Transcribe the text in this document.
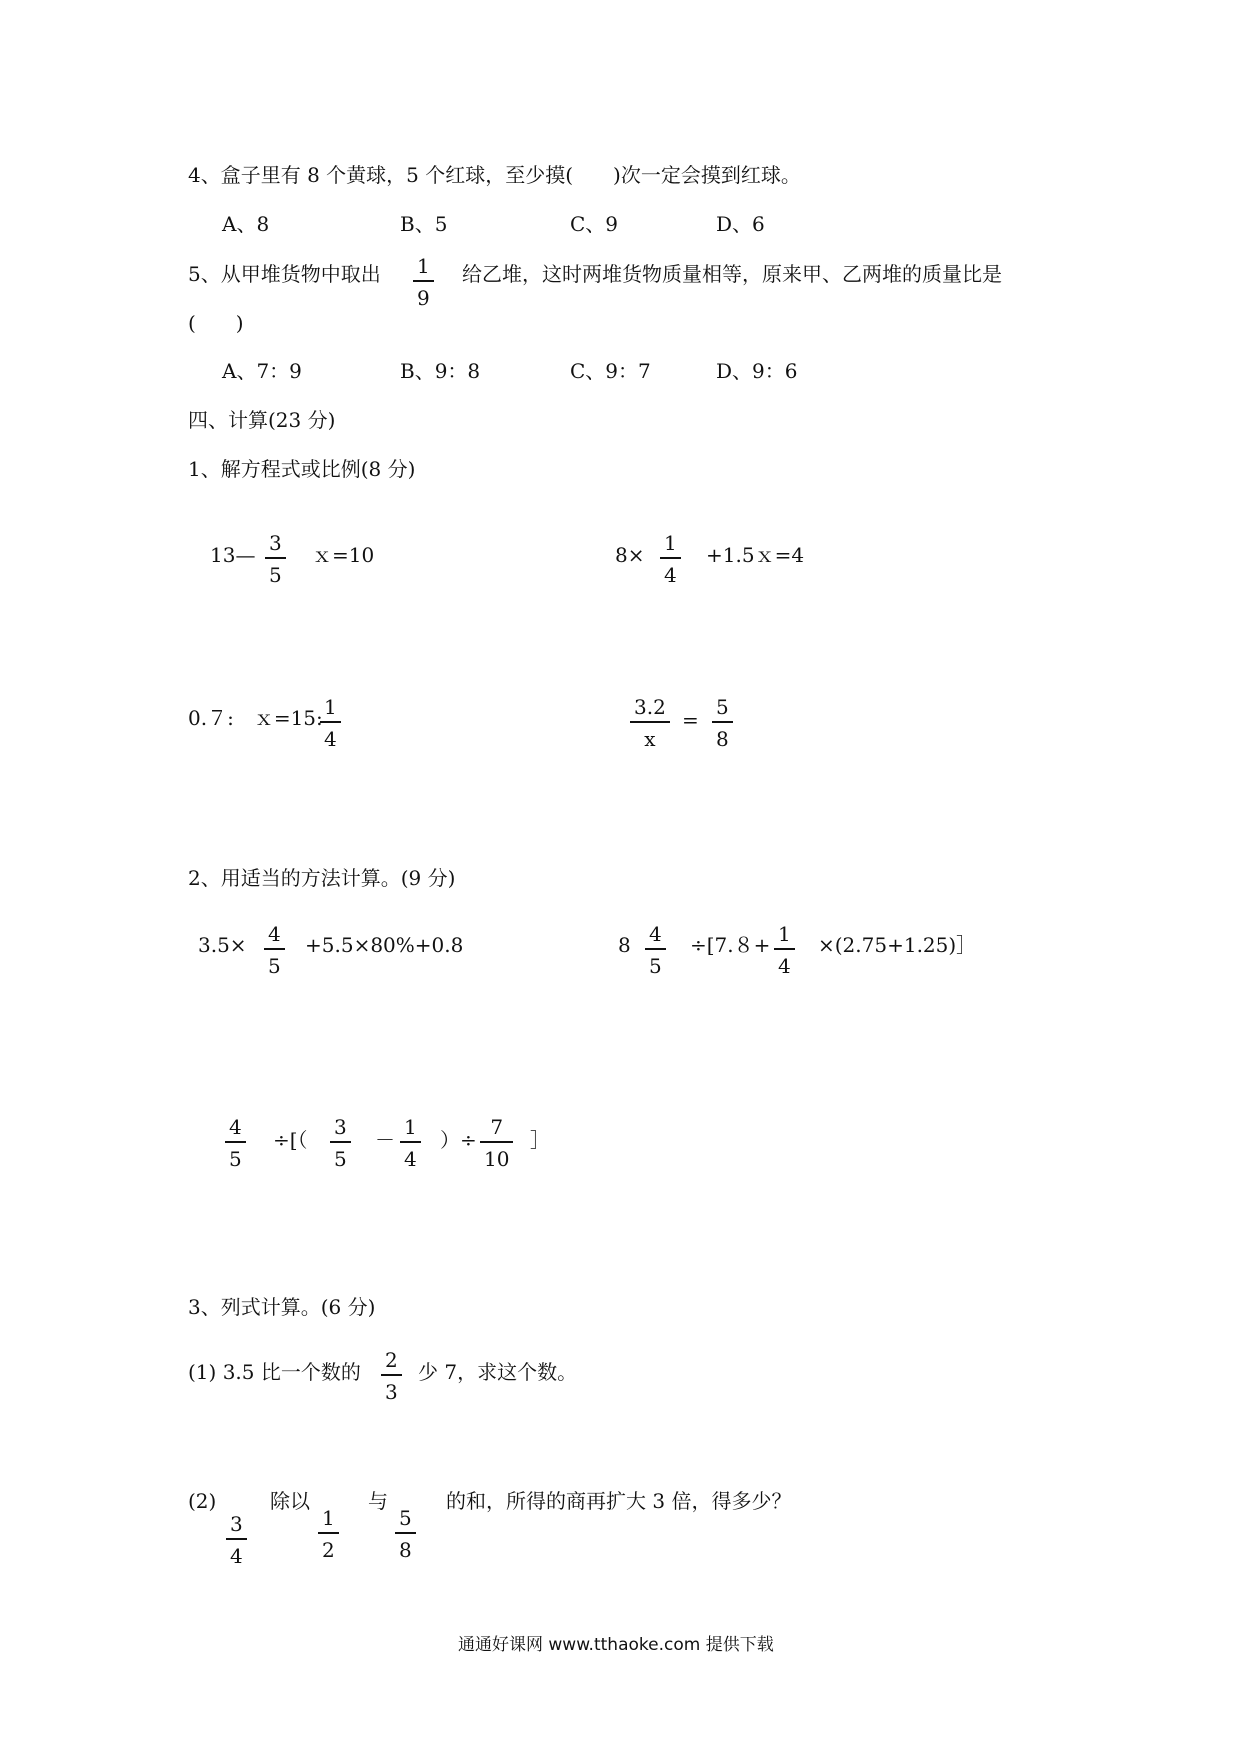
4、盒子里有 8 个黄球，5 个红球，至少摸(　　)次一定会摸到红球。
A、8	B、5	C、9	D、6
5、从甲堆货物中取出 1
9
给乙堆，这时两堆货物质量相等，原来甲、乙两堆的质量比是
(　　)
A、7：9	B、9：8	C、9：7	D、9：6
四、计算(23 分)
1、解方程式或比例(8 分)
13— 3
5
ｘ=10	8× 1
4
+1.5ｘ=4
0.７:　ｘ=15: 1
4
3.2
x
=
5
8
2、用适当的方法计算。(9 分)
3.5× 4
5
+5.5×80%+0.8	8 4
5
÷[7.８+ 1
4
×(2.75+1.25)］
4
5
÷[（
3
5
－
1
4
）÷
7
10
］
3、列式计算。(6 分)
(1) 3.5 比一个数的 2
3
少 7，求这个数。
(2)	除以	与	的和，所得的商再扩大 3 倍，得多少？
3
4
1
2
5
8
通通好课网 www.tthaoke.com 提供下载
